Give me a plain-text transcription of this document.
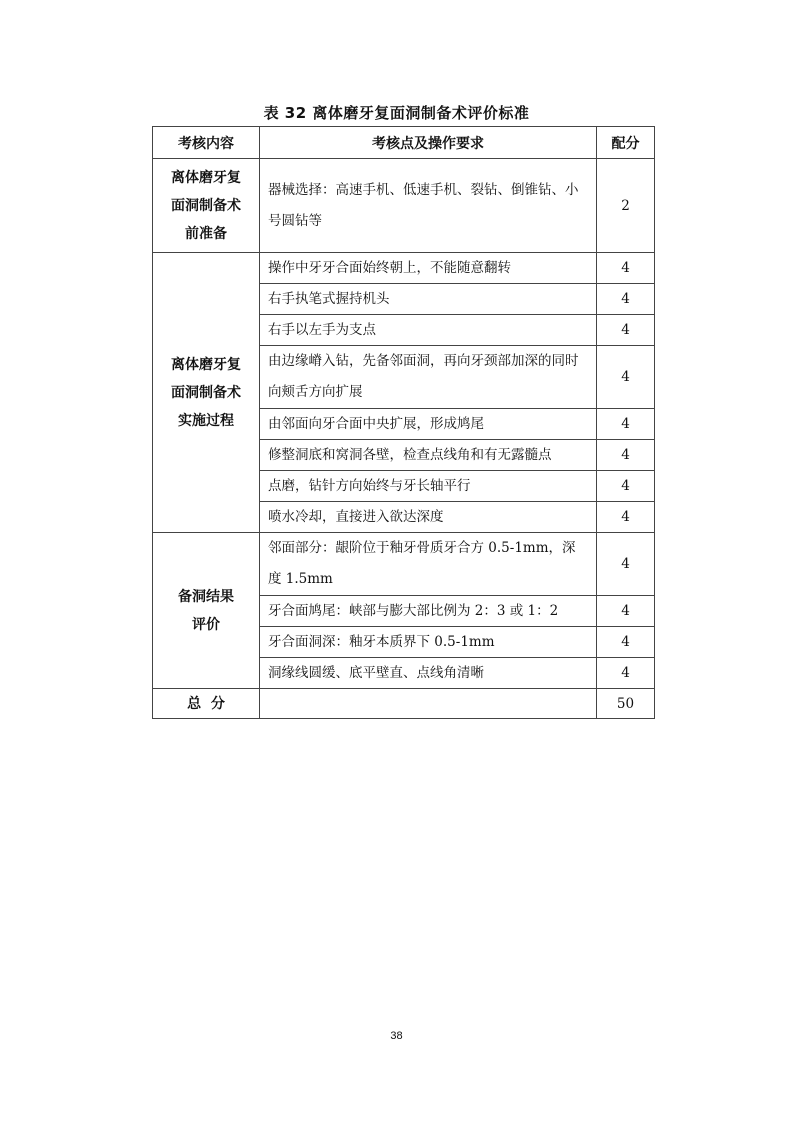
表 32 离体磨牙复面洞制备术评价标准
考核内容	考核点及操作要求	配分

离体磨牙复
面洞制备术
前准备	器械选择：高速手机、低速手机、裂钻、倒锥钻、小号圆钻等	2

离体磨牙复
面洞制备术
实施过程	操作中牙牙合面始终朝上，不能随意翻转	4
	右手执笔式握持机头	4
	右手以左手为支点	4
	由边缘嵴入钻，先备邻面洞，再向牙颈部加深的同时向颊舌方向扩展	4
	由邻面向牙合面中央扩展，形成鸠尾	4
	修整洞底和窝洞各壁，检查点线角和有无露髓点	4
	点磨，钻针方向始终与牙长轴平行	4
	喷水冷却，直接进入欲达深度	4

备洞结果
评价	邻面部分：龈阶位于釉牙骨质牙合方 0.5-1mm，深度 1.5mm	4
	牙合面鸠尾：峡部与膨大部比例为 2：3 或 1：2	4
	牙合面洞深：釉牙本质界下 0.5-1mm	4
	洞缘线圆缓、底平壁直、点线角清晰	4
总  分		50
38
